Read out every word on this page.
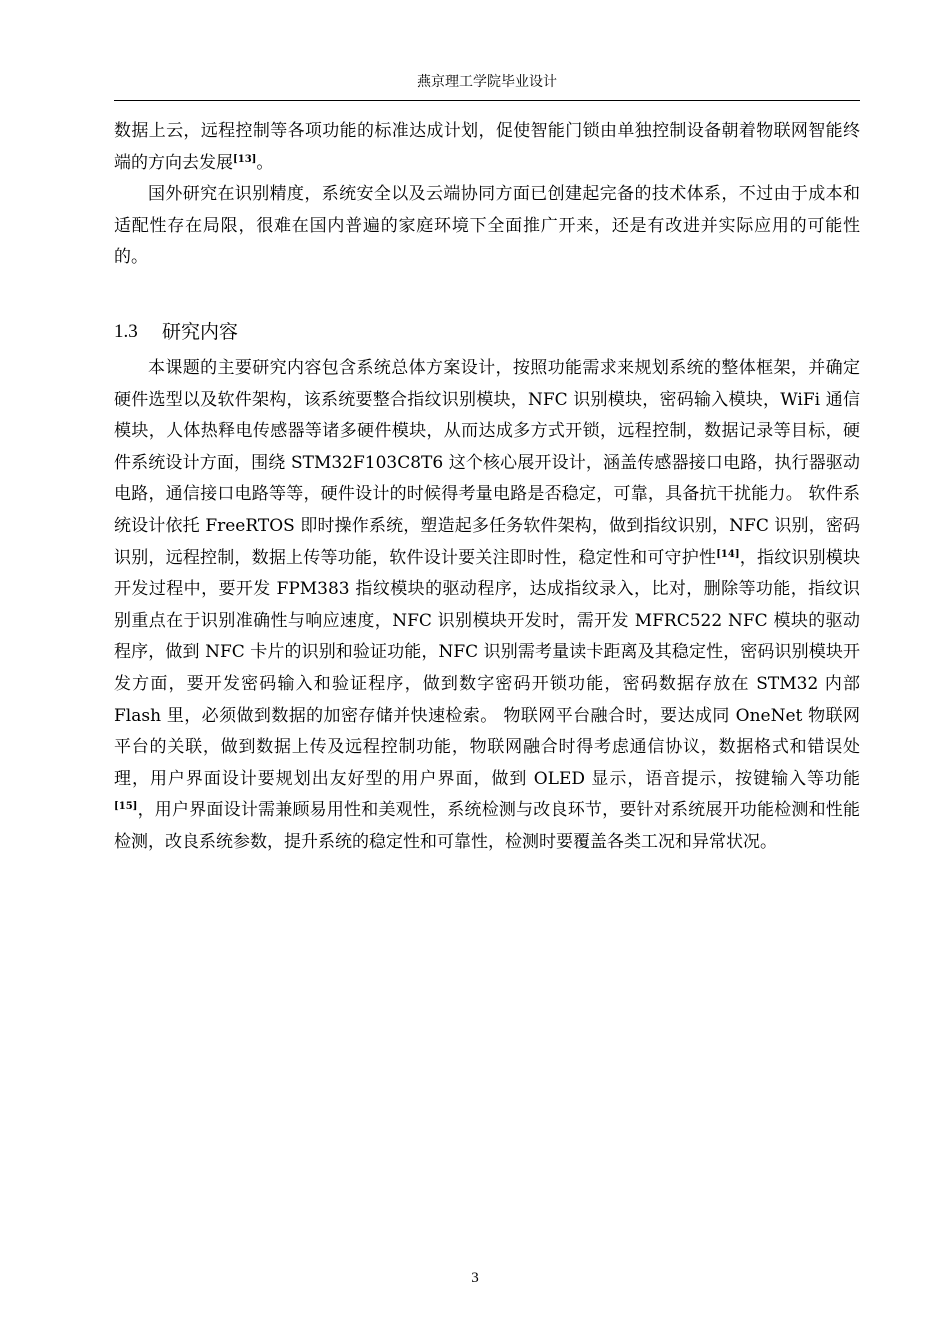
燕京理工学院毕业设计

数据上云，远程控制等各项功能的标准达成计划，促使智能门锁由单独控制设备朝着物联网智能终端的方向去发展[13]。

国外研究在识别精度，系统安全以及云端协同方面已创建起完备的技术体系，不过由于成本和适配性存在局限，很难在国内普遍的家庭环境下全面推广开来，还是有改进并实际应用的可能性的。

1.3	研究内容

本课题的主要研究内容包含系统总体方案设计，按照功能需求来规划系统的整体框架，并确定硬件选型以及软件架构，该系统要整合指纹识别模块，NFC 识别模块，密码输入模块，WiFi 通信模块，人体热释电传感器等诸多硬件模块，从而达成多方式开锁，远程控制，数据记录等目标，硬件系统设计方面，围绕 STM32F103C8T6 这个核心展开设计，涵盖传感器接口电路，执行器驱动电路，通信接口电路等等，硬件设计的时候得考量电路是否稳定，可靠，具备抗干扰能力。 软件系统设计依托 FreeRTOS 即时操作系统，塑造起多任务软件架构，做到指纹识别，NFC 识别，密码识别，远程控制，数据上传等功能，软件设计要关注即时性，稳定性和可守护性[14]，指纹识别模块开发过程中，要开发 FPM383 指纹模块的驱动程序，达成指纹录入，比对，删除等功能，指纹识别重点在于识别准确性与响应速度，NFC 识别模块开发时，需开发 MFRC522 NFC 模块的驱动程序，做到 NFC 卡片的识别和验证功能，NFC 识别需考量读卡距离及其稳定性，密码识别模块开发方面，要开发密码输入和验证程序，做到数字密码开锁功能，密码数据存放在 STM32 内部 Flash 里，必须做到数据的加密存储并快速检索。 物联网平台融合时，要达成同 OneNet 物联网平台的关联，做到数据上传及远程控制功能，物联网融合时得考虑通信协议，数据格式和错误处理，用户界面设计要规划出友好型的用户界面，做到 OLED 显示，语音提示，按键输入等功能[15]，用户界面设计需兼顾易用性和美观性，系统检测与改良环节，要针对系统展开功能检测和性能检测，改良系统参数，提升系统的稳定性和可靠性，检测时要覆盖各类工况和异常状况。

3
